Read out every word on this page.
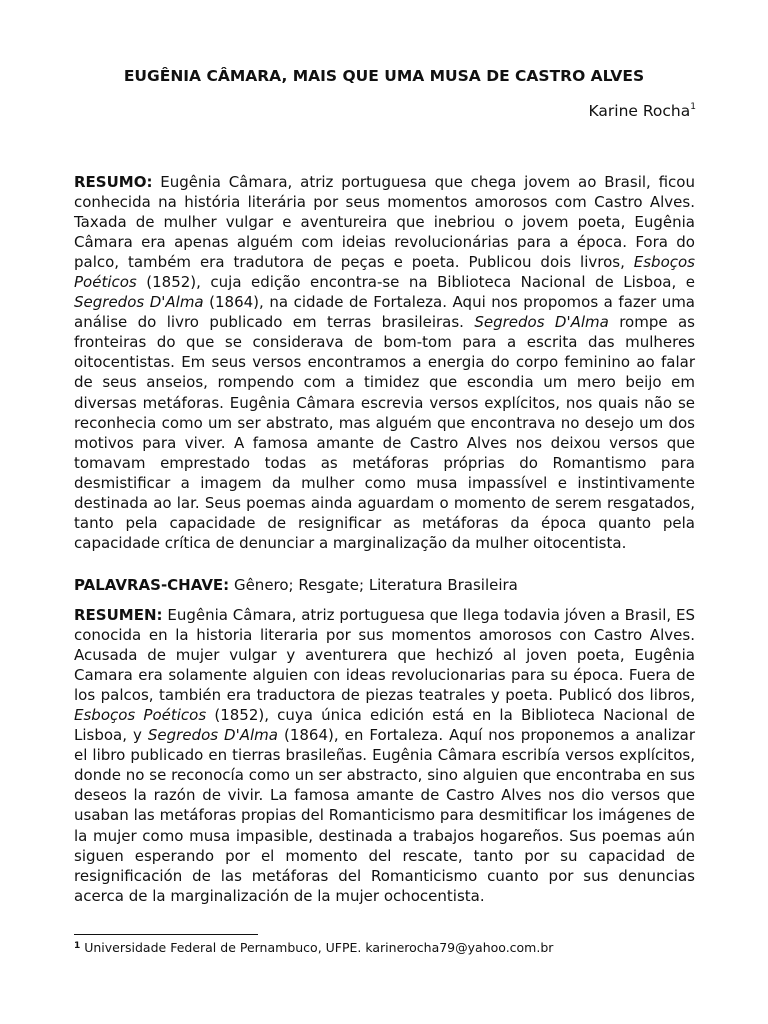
EUGÊNIA CÂMARA, MAIS QUE UMA MUSA DE CASTRO ALVES
Karine Rocha$^1$

RESUMO: Eugênia Câmara, atriz portuguesa que chega jovem ao Brasil, ficou conhecida na história literária por seus momentos amorosos com Castro Alves. Taxada de mulher vulgar e aventureira que inebriou o jovem poeta, Eugênia Câmara era apenas alguém com ideias revolucionárias para a época. Fora do palco, também era tradutora de peças e poeta. Publicou dois livros, Esboços Poéticos (1852), cuja edição encontra-se na Biblioteca Nacional de Lisboa, e Segredos D'Alma (1864), na cidade de Fortaleza. Aqui nos propomos a fazer uma análise do livro publicado em terras brasileiras. Segredos D'Alma rompe as fronteiras do que se considerava de bom-tom para a escrita das mulheres oitocentistas. Em seus versos encontramos a energia do corpo feminino ao falar de seus anseios, rompendo com a timidez que escondia um mero beijo em diversas metáforas. Eugênia Câmara escrevia versos explícitos, nos quais não se reconhecia como um ser abstrato, mas alguém que encontrava no desejo um dos motivos para viver. A famosa amante de Castro Alves nos deixou versos que tomavam emprestado todas as metáforas próprias do Romantismo para desmistificar a imagem da mulher como musa impassível e instintivamente destinada ao lar. Seus poemas ainda aguardam o momento de serem resgatados, tanto pela capacidade de resignificar as metáforas da época quanto pela capacidade crítica de denunciar a marginalização da mulher oitocentista.

PALAVRAS-CHAVE: Gênero; Resgate; Literatura Brasileira

RESUMEN: Eugênia Câmara, atriz portuguesa que llega todavia jóven a Brasil, ES conocida en la historia literaria por sus momentos amorosos con Castro Alves. Acusada de mujer vulgar y aventurera que hechizó al joven poeta, Eugênia Camara era solamente alguien con ideas revolucionarias para su época. Fuera de los palcos, también era traductora de piezas teatrales y poeta. Publicó dos libros, Esboços Poéticos (1852), cuya única edición está en la Biblioteca Nacional de Lisboa, y Segredos D'Alma (1864), en Fortaleza. Aquí nos proponemos a analizar el libro publicado en tierras brasileñas. Eugênia Câmara escribía versos explícitos, donde no se reconocía como un ser abstracto, sino alguien que encontraba en sus deseos la razón de vivir. La famosa amante de Castro Alves nos dio versos que usaban las metáforas propias del Romanticismo para desmitificar los imágenes de la mujer como musa impasible, destinada a trabajos hogareños. Sus poemas aún siguen esperando por el momento del rescate, tanto por su capacidad de resignificación de las metáforas del Romanticismo cuanto por sus denuncias acerca de la marginalización de la mujer ochocentista.

$^1$ Universidade Federal de Pernambuco, UFPE. karinerocha79@yahoo.com.br
